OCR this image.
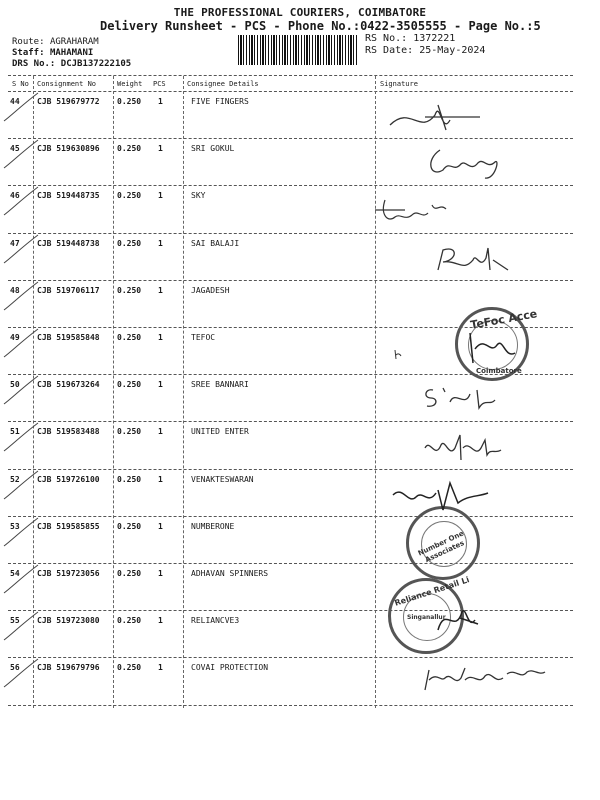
THE PROFESSIONAL COURIERS, COIMBATORE
Delivery Runsheet - PCS - Phone No.:0422-3505555 - Page No.:5
Route: AGRAHARAM
Staff: MAHAMANI
DRS No.: DCJB137222105
RS No.: 1372221
RS Date: 25-May-2024
S No Consignment No	Weight PCS	Consignee Details	Signature
44 CJB 519679772 0.250 1	FIVE FINGERS
45 CJB 519630896 0.250 1	SRI GOKUL
46 CJB 519448735 0.250 1	SKY
47 CJB 519448738 0.250 1	SAI BALAJI
48 CJB 519706117 0.250 1	JAGADESH
49 CJB 519585848 0.250 1	TEFOC
50 CJB 519673264 0.250 1	SREE BANNARI
51 CJB 519583488 0.250 1	UNITED ENTER
52 CJB 519726100 0.250 1	VENAKTESWARAN
53 CJB 519585855 0.250 1	NUMBERONE
54 CJB 519723056 0.250 1	ADHAVAN SPINNERS
55 CJB 519723080 0.250 1	RELIANCVE3
56 CJB 519679796 0.250 1	COVAI PROTECTION
TeFoc Acce
Coimbatore
Number One Associates
Reliance Retail Li
Singanallur
